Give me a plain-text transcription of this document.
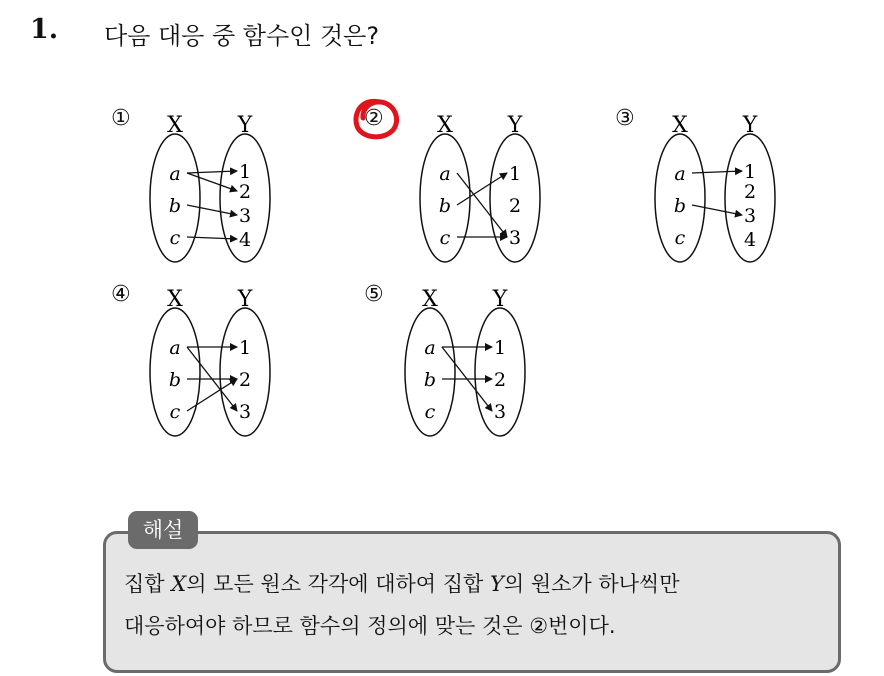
1. 다음 대응 중 함수인 것은?
①	②	③
④	⑤
X Y
a
b
c
1
2
3
4
X Y
a
b
c
1
2
3
X Y
a
b
c
1
2
3
4
X Y
a
b
c
1
2
3
X Y
a
b
c
1
2
3
해설
집합 X의 모든 원소 각각에 대하여 집합 Y의 원소가 하나씩만
대응하여야 하므로 함수의 정의에 맞는 것은 ②번이다.
